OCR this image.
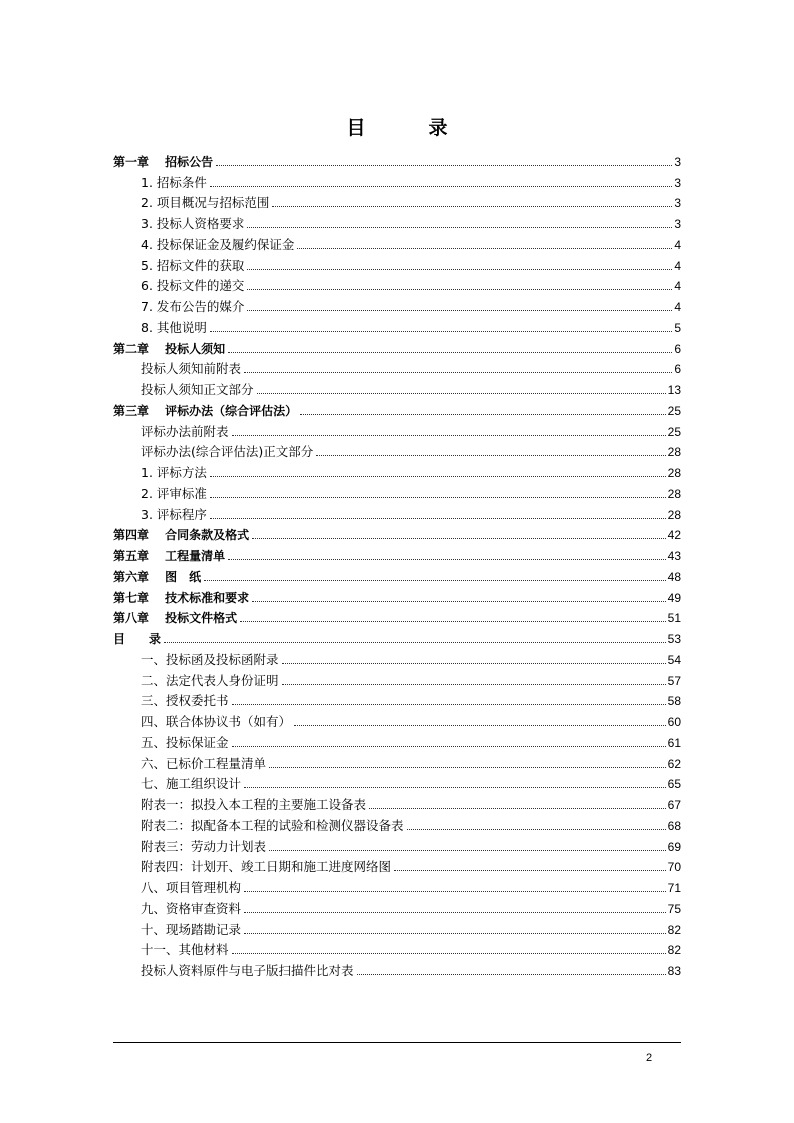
目　录
第一章　 招标公告	3
1. 招标条件	3
2. 项目概况与招标范围	3
3. 投标人资格要求	3
4. 投标保证金及履约保证金	4
5. 招标文件的获取	4
6. 投标文件的递交	4
7. 发布公告的媒介	4
8. 其他说明	5
第二章　 投标人须知	6
投标人须知前附表	6
投标人须知正文部分	13
第三章　 评标办法（综合评估法）	25
评标办法前附表	25
评标办法(综合评估法)正文部分	28
1. 评标方法	28
2. 评审标准	28
3. 评标程序	28
第四章　 合同条款及格式	42
第五章　 工程量清单	43
第六章　 图　纸	48
第七章　 技术标准和要求	49
第八章　 投标文件格式	51
目　　录	53
一、投标函及投标函附录	54
二、法定代表人身份证明	57
三、授权委托书	58
四、联合体协议书（如有）	60
五、投标保证金	61
六、已标价工程量清单	62
七、施工组织设计	65
附表一：拟投入本工程的主要施工设备表	67
附表二：拟配备本工程的试验和检测仪器设备表	68
附表三：劳动力计划表	69
附表四：计划开、竣工日期和施工进度网络图	70
八、项目管理机构	71
九、资格审查资料	75
十、现场踏勘记录	82
十一、其他材料	82
投标人资料原件与电子版扫描件比对表	83
2
